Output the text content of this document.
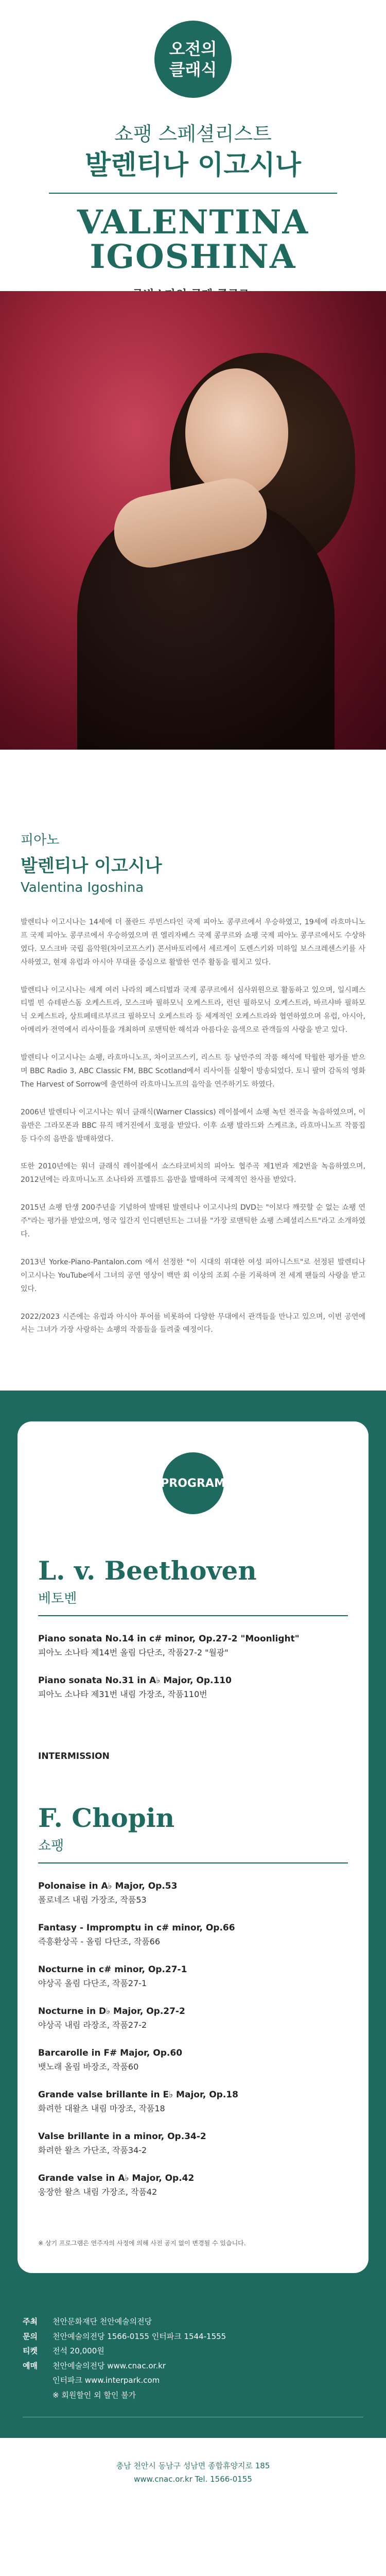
오전의
클래식
쇼팽 스페셜리스트
발렌티나 이고시나
VALENTINA
IGOSHINA
피아노
발렌티나 이고시나
Valentina Igoshina

발렌티나 이고시나는 14세에 더 폴란드 루빈스타인 국제 피아노 콩쿠르에서 우승하였고, 19세에 라흐마니노프 국제 피아노 콩쿠르에서 우승하였으며 퀸 엘리자베스 국제 콩쿠르와 쇼팽 국제 피아노 콩쿠르에서도 수상하였다. 모스크바 국립 음악원(차이코프스키) 콘서바토리에서 세르게이 도렌스키와 미하일 보스크레센스키를 사사하였고, 현재 유럽과 아시아 무대를 중심으로 활발한 연주 활동을 펼치고 있다.

발렌티나 이고시나는 세계 여러 나라의 페스티벌과 국제 콩쿠르에서 심사위원으로 활동하고 있으며, 일시페스티벌 빈 슈테판스돔 오케스트라, 모스크바 필하모닉 오케스트라, 런던 필하모닉 오케스트라, 바르샤바 필하모닉 오케스트라, 상트페테르부르크 필하모닉 오케스트라 등 세계적인 오케스트라와 협연하였으며 유럽, 아시아, 아메리카 전역에서 리사이틀을 개최하며 로맨틱한 해석과 아름다운 음색으로 관객들의 사랑을 받고 있다.

발렌티나 이고시나는 쇼팽, 라흐마니노프, 차이코프스키, 리스트 등 낭만주의 작품 해석에 탁월한 평가를 받으며 BBC Radio 3, ABC Classic FM, BBC Scotland에서 리사이틀 실황이 방송되었다. 토니 팔머 감독의 영화 The Harvest of Sorrow에 출연하여 라흐마니노프의 음악을 연주하기도 하였다.

2006년 발렌티나 이고시나는 워너 클래식(Warner Classics) 레이블에서 쇼팽 녹턴 전곡을 녹음하였으며, 이 음반은 그라모폰과 BBC 뮤직 매거진에서 호평을 받았다. 이후 쇼팽 발라드와 스케르초, 라흐마니노프 작품집 등 다수의 음반을 발매하였다.

또한 2010년에는 워너 클래식 레이블에서 쇼스타코비치의 피아노 협주곡 제1번과 제2번을 녹음하였으며, 2012년에는 라흐마니노프 소나타와 프렐류드 음반을 발매하여 국제적인 찬사를 받았다.

2015년 쇼팽 탄생 200주년을 기념하여 발매된 발렌티나 이고시나의 DVD는 "이보다 깨끗할 순 없는 쇼팽 연주"라는 평가를 받았으며, 영국 일간지 인디펜던트는 그녀를 "가장 로맨틱한 쇼팽 스페셜리스트"라고 소개하였다.

2013년 Yorke-Piano-Pantalon.com 에서 선정한 "이 시대의 위대한 여성 피아니스트"로 선정된 발렌티나 이고시나는 YouTube에서 그녀의 공연 영상이 백만 회 이상의 조회 수를 기록하며 전 세계 팬들의 사랑을 받고 있다.

2022/2023 시즌에는 유럽과 아시아 투어를 비롯하여 다양한 무대에서 관객들을 만나고 있으며, 이번 공연에서는 그녀가 가장 사랑하는 쇼팽의 작품들을 들려줄 예정이다.

PROGRAM
L. v. Beethoven
베토벤
Piano sonata No.14 in c# minor, Op.27-2 "Moonlight"
피아노 소나타 제14번 올림 다단조, 작품27-2 "월광"
Piano sonata No.31 in A♭ Major, Op.110
피아노 소나타 제31번 내림 가장조, 작품110번
INTERMISSION
F. Chopin
쇼팽
Polonaise in A♭ Major, Op.53
폴로네즈 내림 가장조, 작품53
Fantasy - Impromptu in c# minor, Op.66
즉흥환상곡 - 올림 다단조, 작품66
Nocturne in c# minor, Op.27-1
야상곡 올림 다단조, 작품27-1
Nocturne in D♭ Major, Op.27-2
야상곡 내림 라장조, 작품27-2
Barcarolle in F# Major, Op.60
뱃노래 올림 바장조, 작품60
Grande valse brillante in E♭ Major, Op.18
화려한 대왈츠 내림 마장조, 작품18
Valse brillante in a minor, Op.34-2
화려한 왈츠 가단조, 작품34-2
Grande valse in A♭ Major, Op.42
웅장한 왈츠 내림 가장조, 작품42
※ 상기 프로그램은 연주자의 사정에 의해 사전 공지 없이 변경될 수 있습니다.
주최	천안문화재단 천안예술의전당
문의	천안예술의전당 1566-0155 인터파크 1544-1555
티켓	전석 20,000원
예매	천안예술의전당 www.cnac.or.kr
인터파크 www.interpark.com
※ 회원할인 외 할인 불가
충남 천안시 동남구 성남면 종합휴양지로 185
www.cnac.or.kr Tel. 1566-0155
